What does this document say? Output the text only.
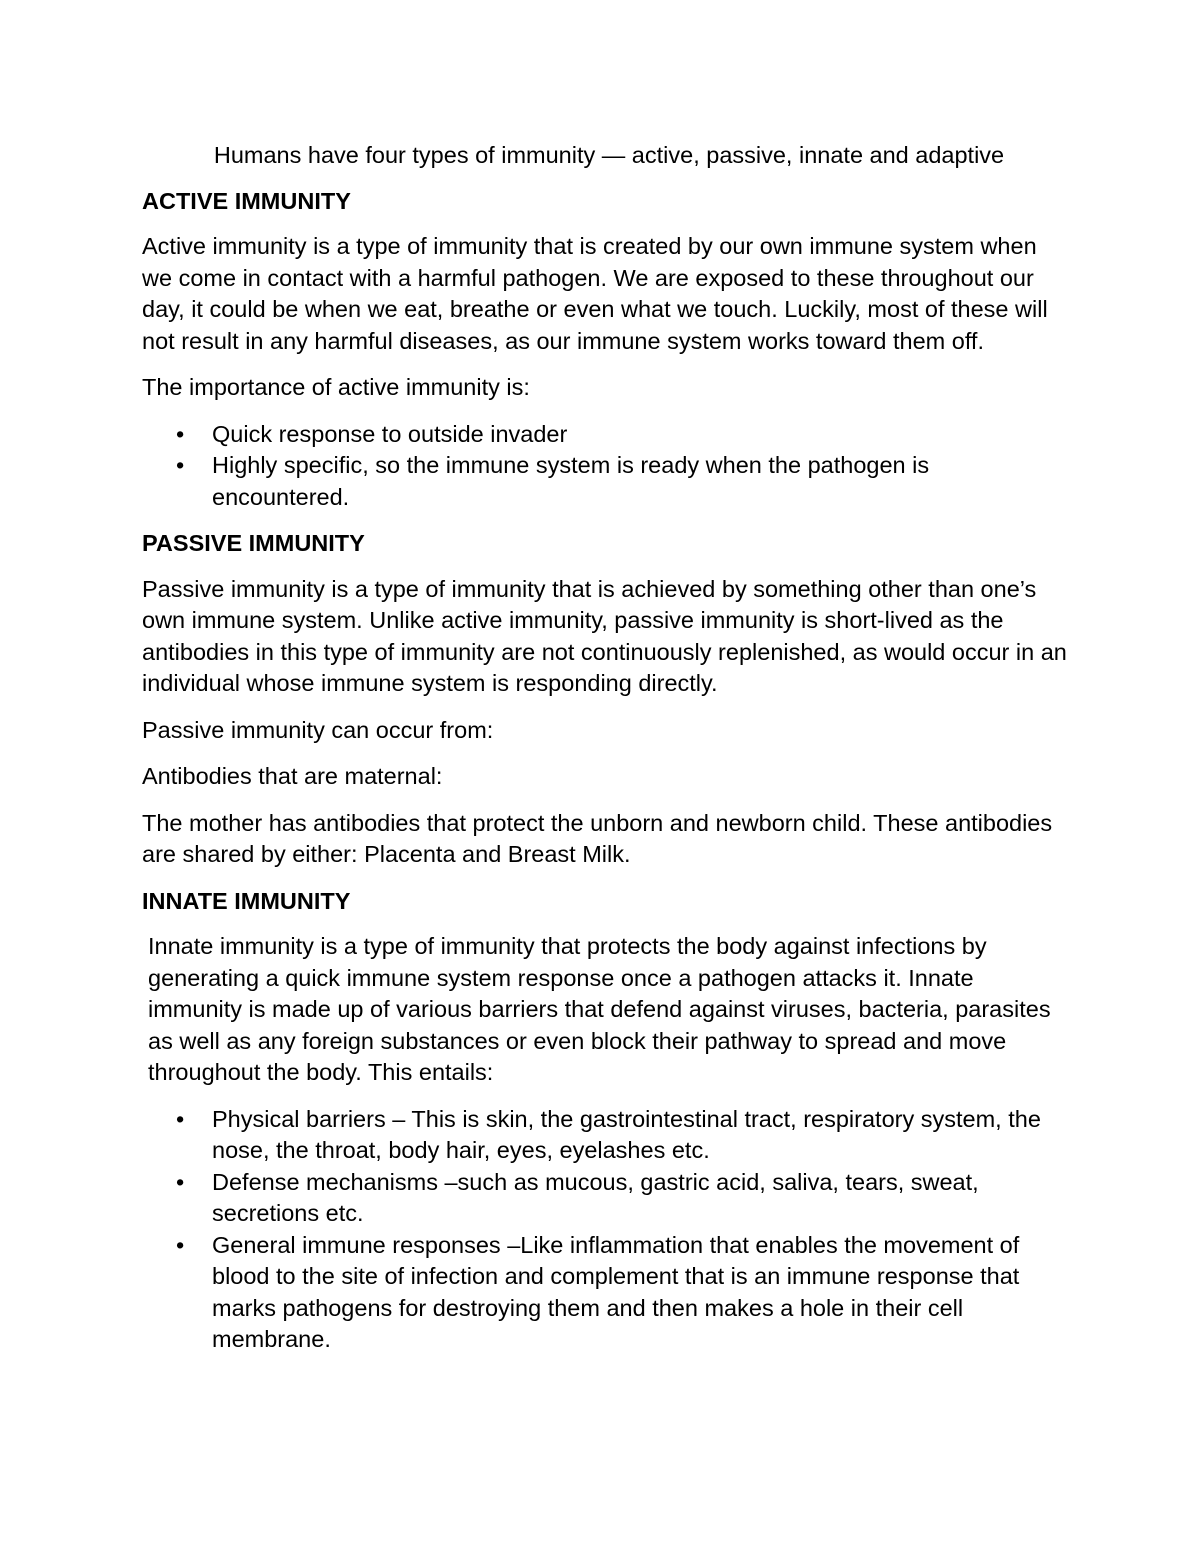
Humans have four types of immunity — active, passive, innate and adaptive
ACTIVE IMMUNITY

Active immunity is a type of immunity that is created by our own immune system when we come in contact with a harmful pathogen. We are exposed to these throughout our day, it could be when we eat, breathe or even what we touch. Luckily, most of these will not result in any harmful diseases, as our immune system works toward them off.

The importance of active immunity is:

• Quick response to outside invader
• Highly specific, so the immune system is ready when the pathogen is encountered.
PASSIVE IMMUNITY

Passive immunity is a type of immunity that is achieved by something other than one’s own immune system. Unlike active immunity, passive immunity is short-lived as the antibodies in this type of immunity are not continuously replenished, as would occur in an individual whose immune system is responding directly.

Passive immunity can occur from:

Antibodies that are maternal:

The mother has antibodies that protect the unborn and newborn child. These antibodies are shared by either: Placenta and Breast Milk.

INNATE IMMUNITY

Innate immunity is a type of immunity that protects the body against infections by generating a quick immune system response once a pathogen attacks it. Innate immunity is made up of various barriers that defend against viruses, bacteria, parasites as well as any foreign substances or even block their pathway to spread and move throughout the body. This entails:

• Physical barriers – This is skin, the gastrointestinal tract, respiratory system, the nose, the throat, body hair, eyes, eyelashes etc.
• Defense mechanisms –such as mucous, gastric acid, saliva, tears, sweat, secretions etc.
• General immune responses –Like inflammation that enables the movement of blood to the site of infection and complement that is an immune response that marks pathogens for destroying them and then makes a hole in their cell membrane.
